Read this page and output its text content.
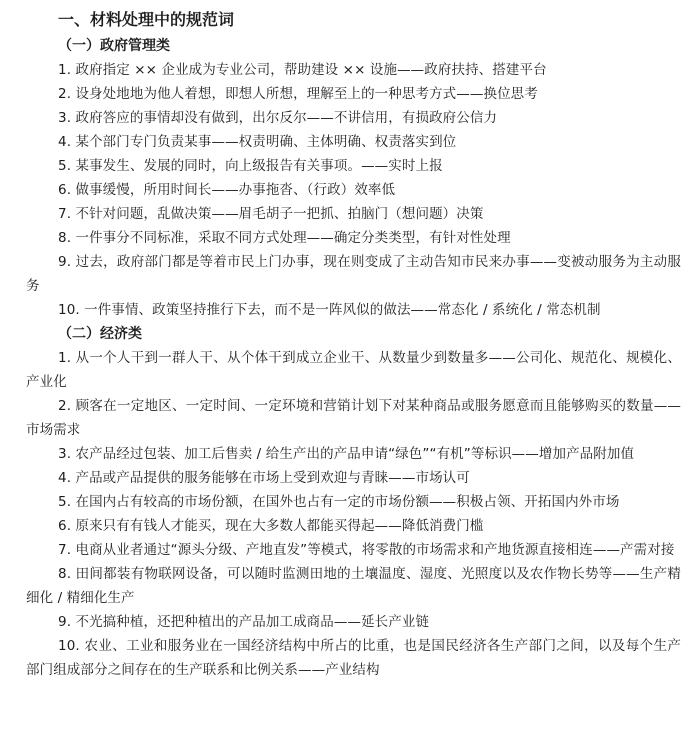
一、材料处理中的规范词
（一）政府管理类
1. 政府指定 ×× 企业成为专业公司，帮助建设 ×× 设施——政府扶持、搭建平台
2. 设身处地地为他人着想，即想人所想，理解至上的一种思考方式——换位思考
3. 政府答应的事情却没有做到，出尔反尔——不讲信用，有损政府公信力
4. 某个部门专门负责某事——权责明确、主体明确、权责落实到位
5. 某事发生、发展的同时，向上级报告有关事项。——实时上报
6. 做事缓慢，所用时间长——办事拖沓、（行政）效率低
7. 不针对问题，乱做决策——眉毛胡子一把抓、拍脑门（想问题）决策
8. 一件事分不同标准，采取不同方式处理——确定分类类型，有针对性处理
9. 过去，政府部门都是等着市民上门办事，现在则变成了主动告知市民来办事——变被动服务为主动服务
10. 一件事情、政策坚持推行下去，而不是一阵风似的做法——常态化 / 系统化 / 常态机制
（二）经济类
1. 从一个人干到一群人干、从个体干到成立企业干、从数量少到数量多——公司化、规范化、规模化、产业化
2. 顾客在一定地区、一定时间、一定环境和营销计划下对某种商品或服务愿意而且能够购买的数量——市场需求
3. 农产品经过包装、加工后售卖 / 给生产出的产品申请“绿色”“有机”等标识——增加产品附加值
4. 产品或产品提供的服务能够在市场上受到欢迎与青睐——市场认可
5. 在国内占有较高的市场份额，在国外也占有一定的市场份额——积极占领、开拓国内外市场
6. 原来只有有钱人才能买，现在大多数人都能买得起——降低消费门槛
7. 电商从业者通过“源头分级、产地直发”等模式，将零散的市场需求和产地货源直接相连——产需对接
8. 田间都装有物联网设备，可以随时监测田地的土壤温度、湿度、光照度以及农作物长势等——生产精细化 / 精细化生产
9. 不光搞种植，还把种植出的产品加工成商品——延长产业链
10. 农业、工业和服务业在一国经济结构中所占的比重，也是国民经济各生产部门之间，以及每个生产部门组成部分之间存在的生产联系和比例关系——产业结构
